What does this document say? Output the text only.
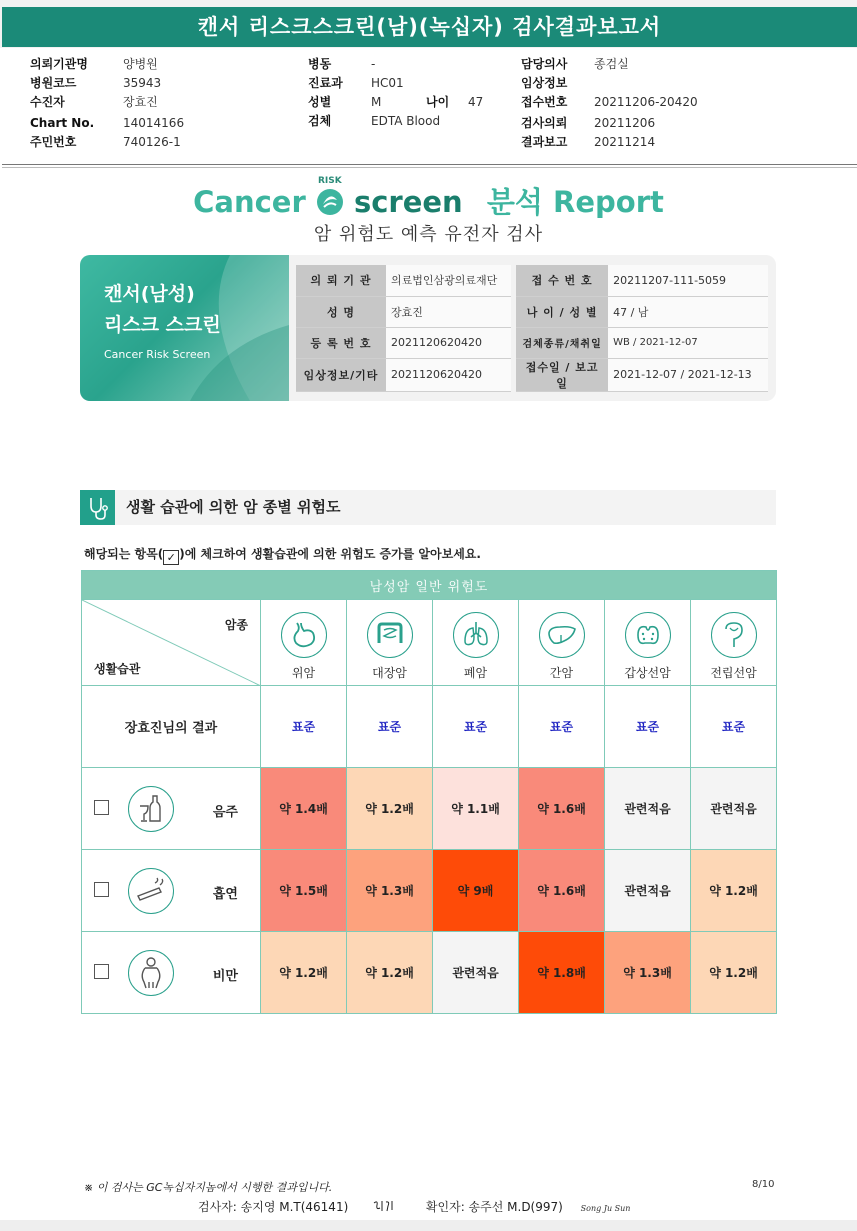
캔서 리스크스크린(남)(녹십자) 검사결과보고서
의뢰기관명	양병원
병원코드	35943
수진자	장효진
Chart No.	14014166
주민번호	740126-1
병동	-
진료과	HC01
성별	M	나이	47
검체	EDTA Blood
담당의사	종검실
임상정보
접수번호	20211206-20420
검사의뢰	20211206
결과보고	20211214
Cancer
RISK
screen 분석 Report
암 위험도 예측 유전자 검사
캔서(남성)
리스크 스크린
Cancer Risk Screen
의 뢰 기 관	의료법인삼광의료재단		접 수 번 호	20211207-111-5059
성 명	장효진		나 이 / 성 별	47 / 남
등 록 번 호	2021120620420		검체종류/채취일	WB / 2021-12-07
임상정보/기타	2021120620420		접수일 / 보고일	2021-12-07 / 2021-12-13
생활 습관에 의한 암 종별 위험도
해당되는 항목( ✓ )에 체크하여 생활습관에 의한 위험도 증가를 알아보세요.
남성암 일반 위험도						

암종
생활습관	위암	대장암	폐암	간암	갑상선암	전립선암
장효진님의 결과	표준	표준	표준	표준	표준	표준

음주	약 1.4배	약 1.2배	약 1.1배	약 1.6배	관련적음	관련적음

흡연	약 1.5배	약 1.3배	약 9배	약 1.6배	관련적음	약 1.2배

비만	약 1.2배	약 1.2배	관련적음	약 1.8배	약 1.3배	약 1.2배
※ 이 검사는 GC녹십자지놈에서 시행한 결과입니다.	8/10
검사자: 송지영 M.T(46141)	확인자: 송주선 M.D(997) Song Ju Sun
